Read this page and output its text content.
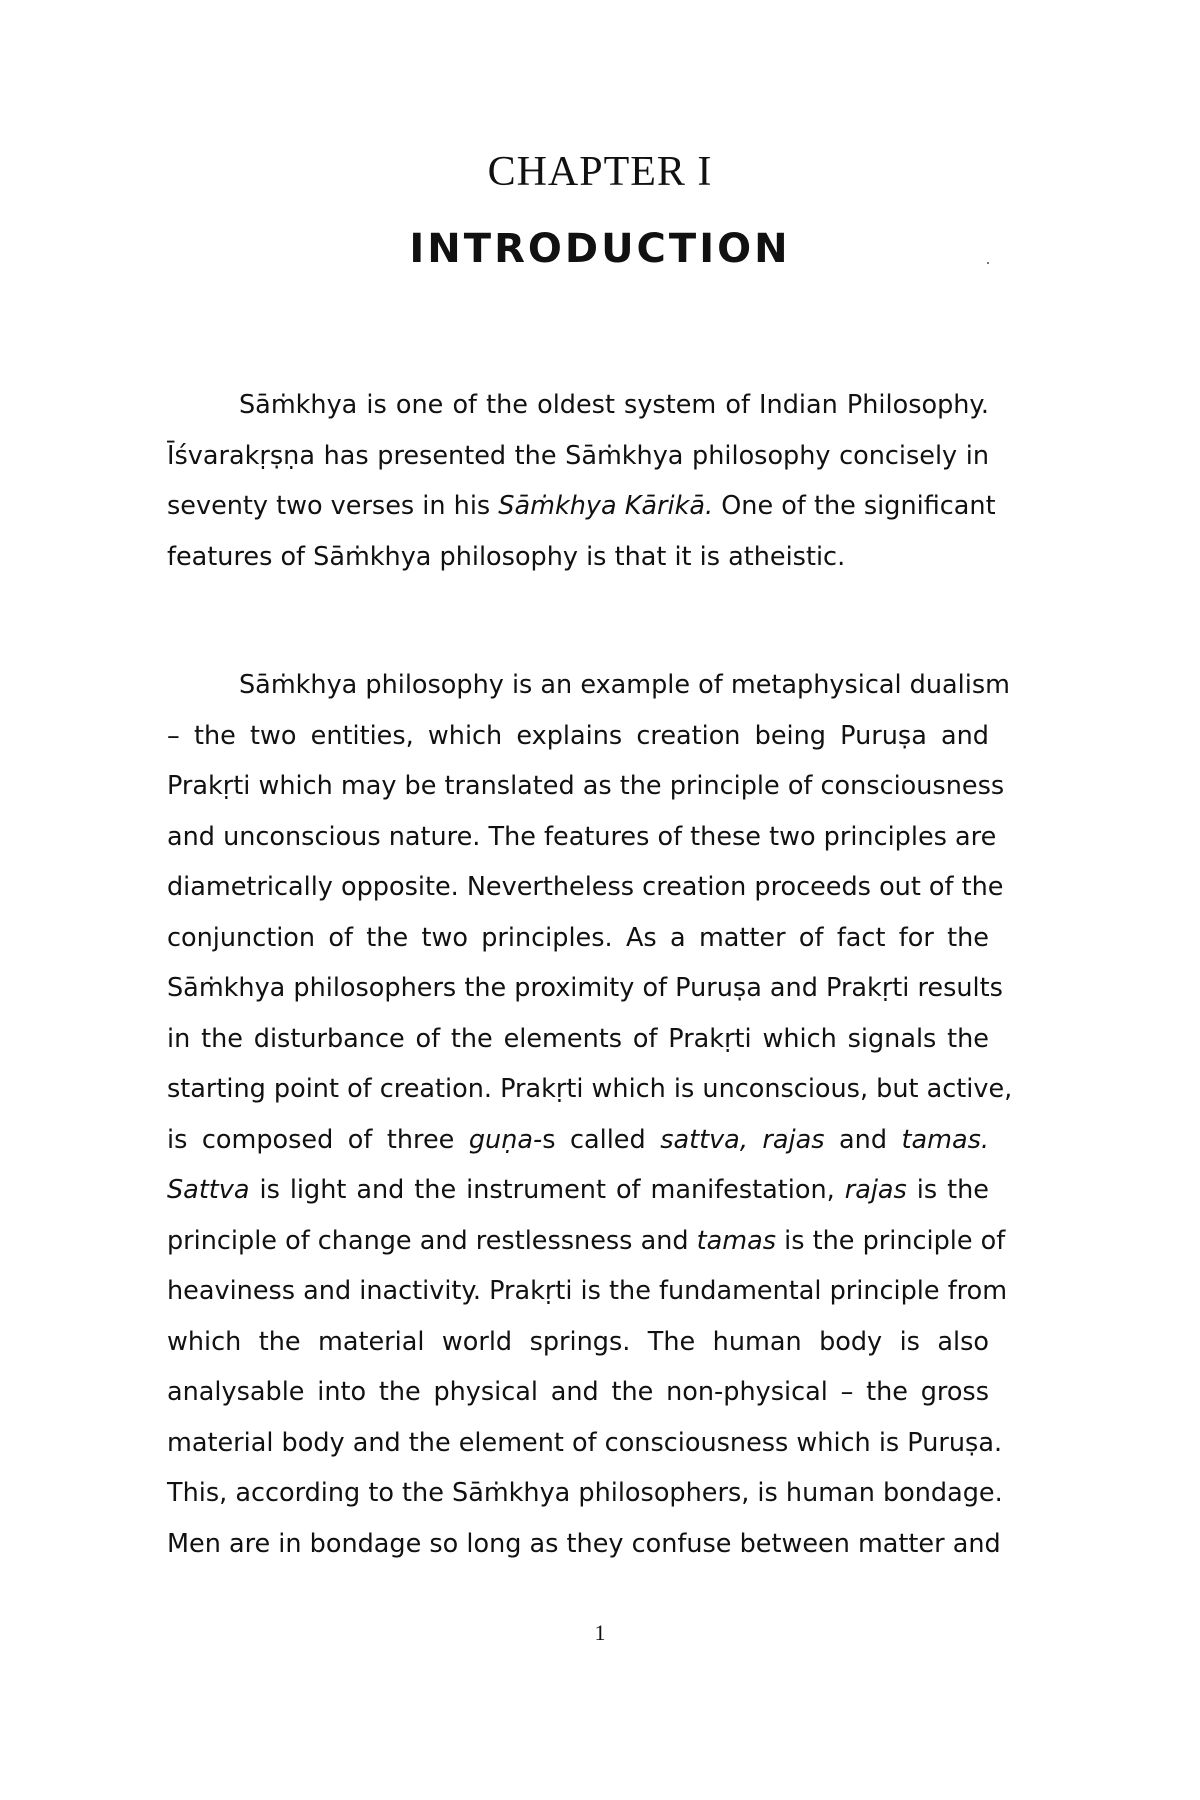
CHAPTER I
INTRODUCTION
Sāṁkhya is one of the oldest system of Indian Philosophy.
Īśvarakṛṣṇa has presented the Sāṁkhya philosophy concisely in
seventy two verses in his Sāṁkhya Kārikā. One of the significant
features of Sāṁkhya philosophy is that it is atheistic.
Sāṁkhya philosophy is an example of metaphysical dualism
– the two entities, which explains creation being Puruṣa and
Prakṛti which may be translated as the principle of consciousness
and unconscious nature. The features of these two principles are
diametrically opposite. Nevertheless creation proceeds out of the
conjunction of the two principles. As a matter of fact for the
Sāṁkhya philosophers the proximity of Puruṣa and Prakṛti results
in the disturbance of the elements of Prakṛti which signals the
starting point of creation. Prakṛti which is unconscious, but active,
is composed of three guṇa-s called sattva, rajas and tamas.
Sattva is light and the instrument of manifestation, rajas is the
principle of change and restlessness and tamas is the principle of
heaviness and inactivity. Prakṛti is the fundamental principle from
which the material world springs. The human body is also
analysable into the physical and the non-physical – the gross
material body and the element of consciousness which is Puruṣa.
This, according to the Sāṁkhya philosophers, is human bondage.
Men are in bondage so long as they confuse between matter and
1
